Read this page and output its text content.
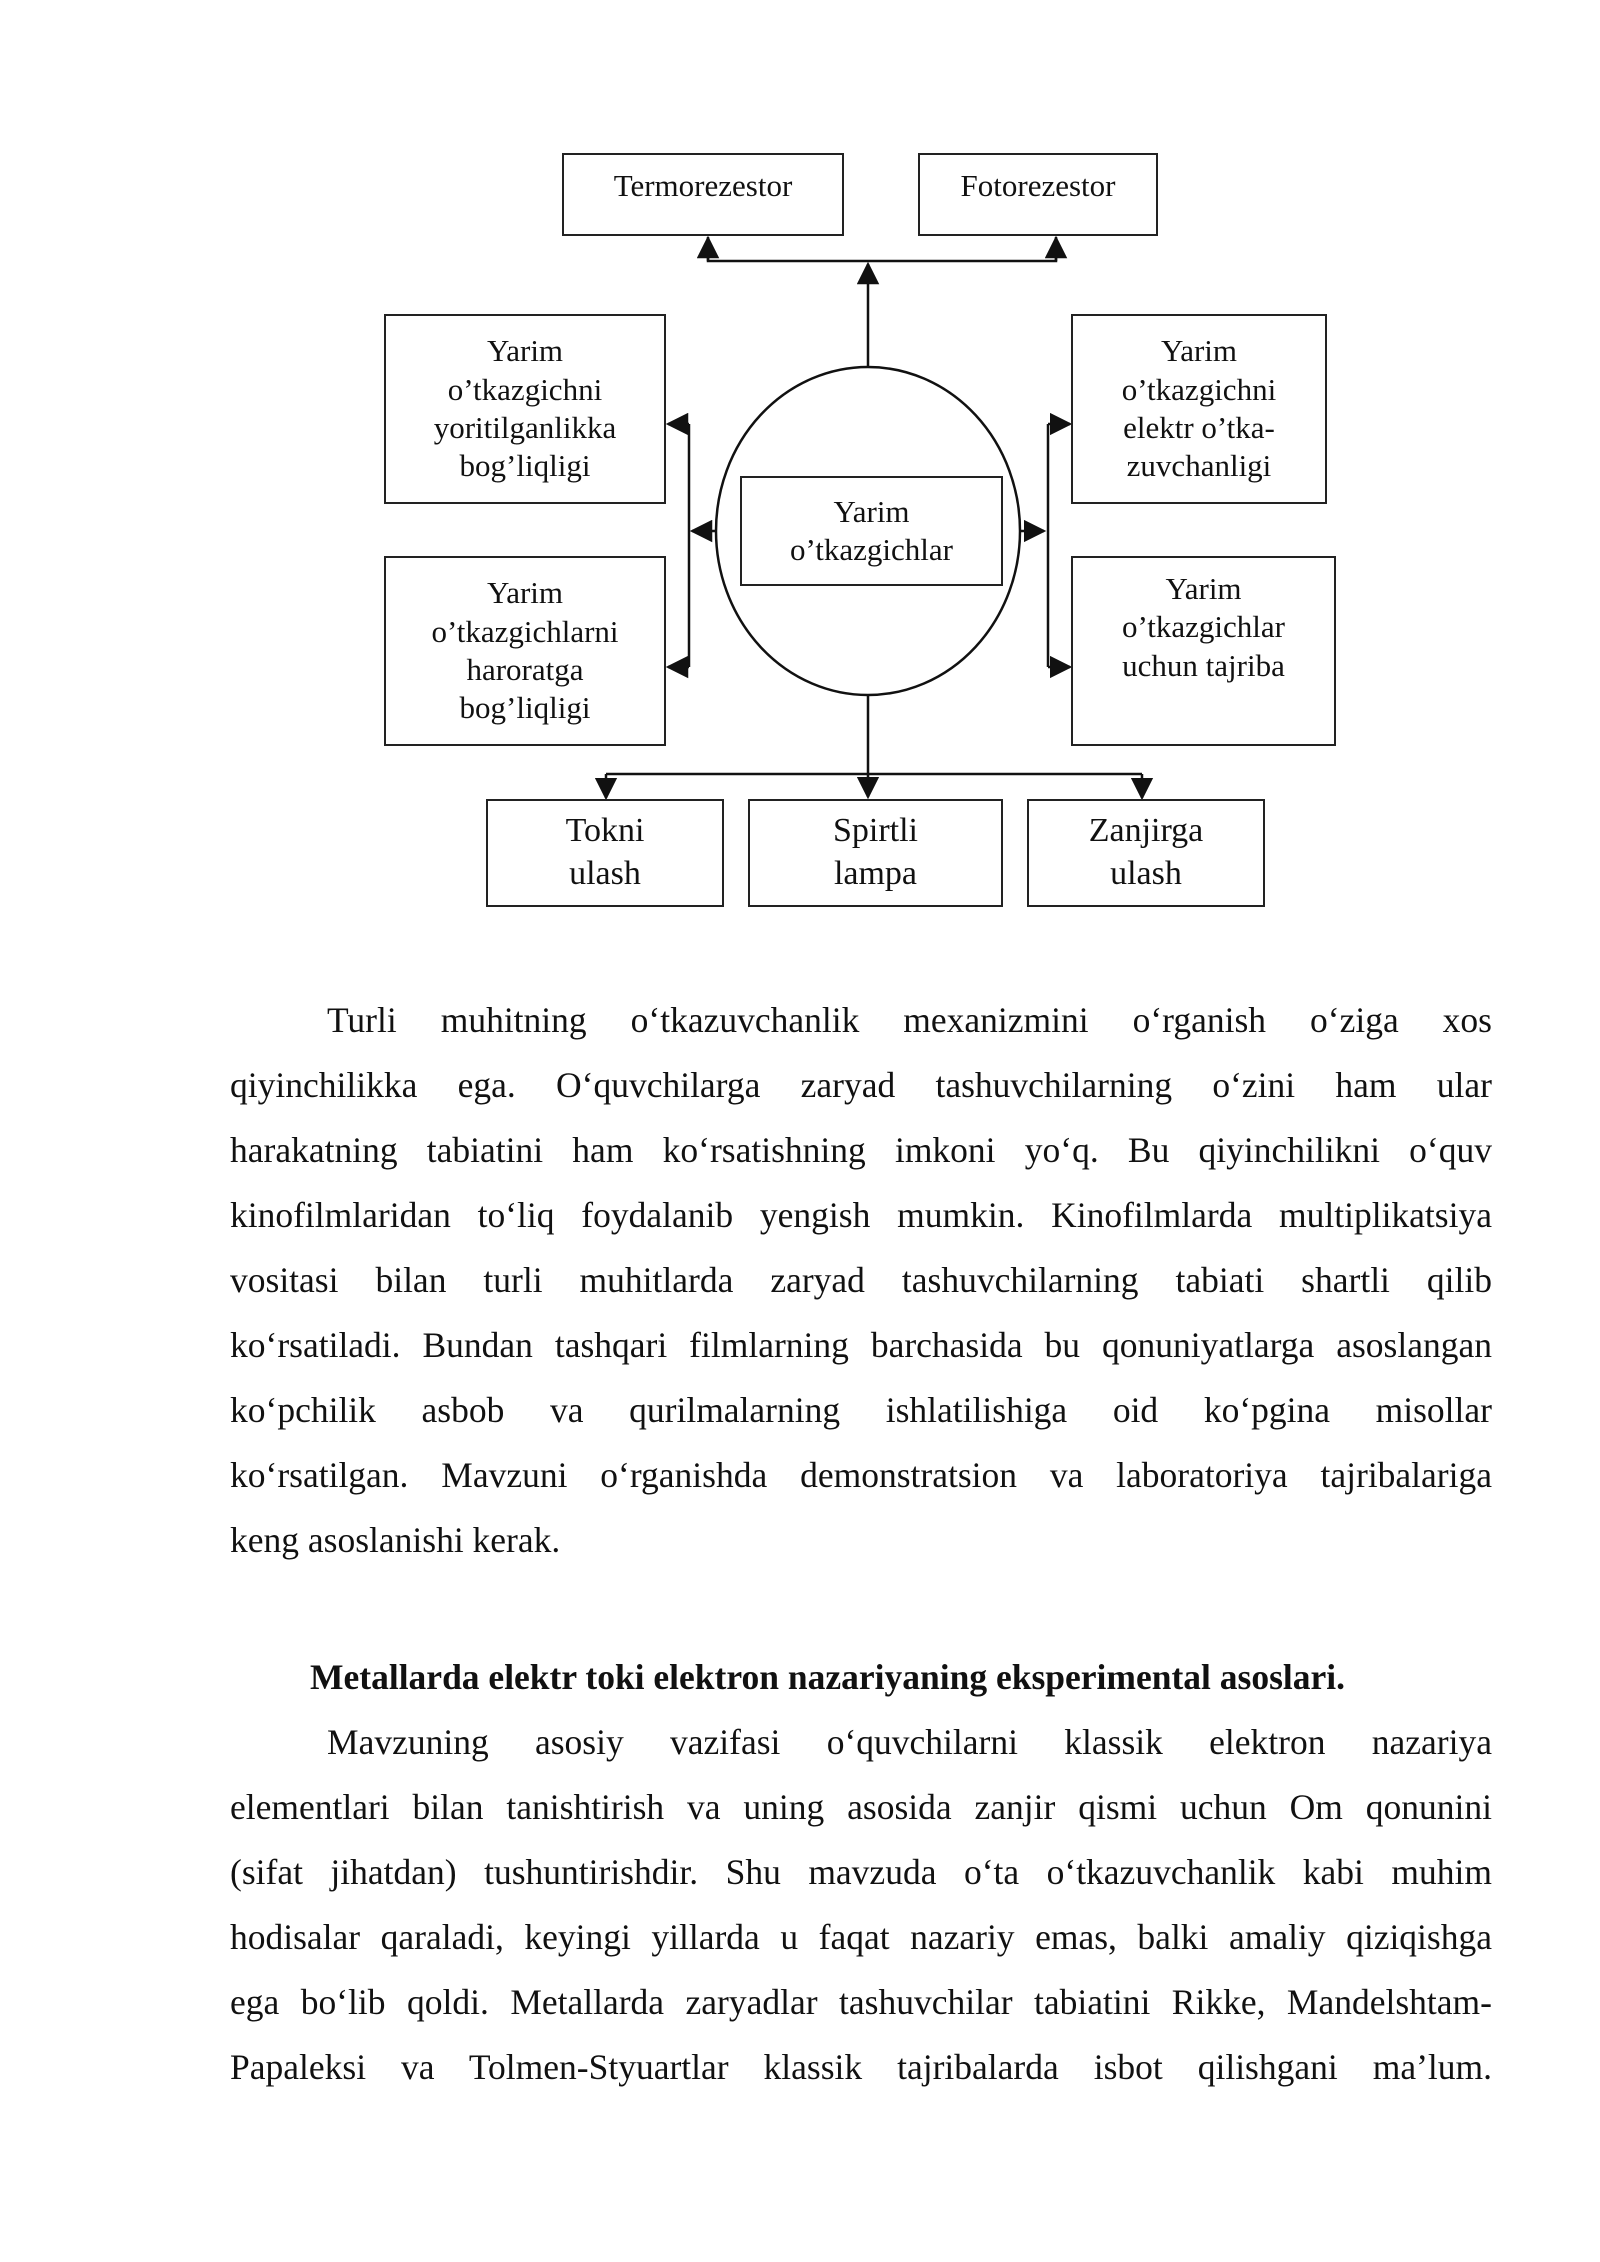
Yarim
o’tkazgichlar
Termorezestor	Fotorezestor
Yarim
o’tkazgichni
yoritilganlikka
bog’liqligi
Yarim
o’tkazgichlarni
haroratga
bog’liqligi
Yarim
o’tkazgichni
elektr o’tka-
zuvchanligi
Yarim
o’tkazgichlar
uchun tajriba
Tokni
ulash
Spirtli
lampa
Zanjirga
ulash
Turli muhitning o‘tkazuvchanlik mexanizmini o‘rganish o‘ziga xos
qiyinchilikka ega. O‘quvchilarga zaryad tashuvchilarning o‘zini ham ular
harakatning tabiatini ham ko‘rsatishning imkoni yo‘q. Bu qiyinchilikni o‘quv
kinofilmlaridan to‘liq foydalanib yengish mumkin. Kinofilmlarda multiplikatsiya
vositasi bilan turli muhitlarda zaryad tashuvchilarning tabiati shartli qilib
ko‘rsatiladi. Bundan tashqari filmlarning barchasida bu qonuniyatlarga asoslangan
ko‘pchilik asbob va qurilmalarning ishlatilishiga oid ko‘pgina misollar
ko‘rsatilgan. Mavzuni o‘rganishda demonstratsion va laboratoriya tajribalariga
keng asoslanishi kerak.

Metallarda elektr toki elektron nazariyaning eksperimental asoslari.

Mavzuning asosiy vazifasi o‘quvchilarni klassik elektron nazariya
elementlari bilan tanishtirish va uning asosida zanjir qismi uchun Om qonunini
(sifat jihatdan) tushuntirishdir. Shu mavzuda o‘ta o‘tkazuvchanlik kabi muhim
hodisalar qaraladi, keyingi yillarda u faqat nazariy emas, balki amaliy qiziqishga
ega bo‘lib qoldi. Metallarda zaryadlar tashuvchilar tabiatini Rikke, Mandelshtam-
Papaleksi va Tolmen-Styuartlar klassik tajribalarda isbot qilishgani ma’lum.
